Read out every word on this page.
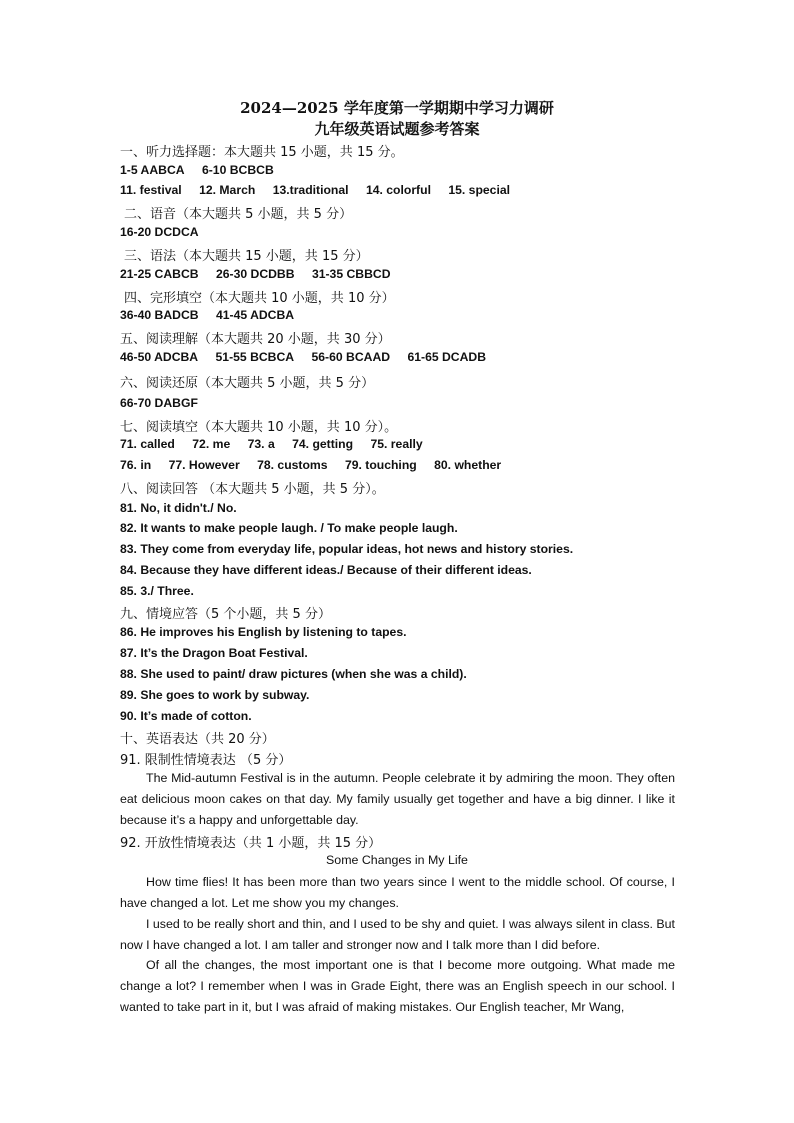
2024—2025 学年度第一学期期中学习力调研
九年级英语试题参考答案
一、听力选择题：本大题共 15 小题，共 15 分。
1-5 AABCA 6-10 BCBCB
11. festival 12. March 13.traditional 14. colorful 15. special
二、语音（本大题共 5 小题，共 5 分）
16-20 DCDCA
三、语法（本大题共 15 小题，共 15 分）
21-25 CABCB 26-30 DCDBB 31-35 CBBCD
四、完形填空（本大题共 10 小题，共 10 分）
36-40 BADCB 41-45 ADCBA
五、阅读理解（本大题共 20 小题，共 30 分）
46-50 ADCBA 51-55 BCBCA 56-60 BCAAD 61-65 DCADB
六、阅读还原（本大题共 5 小题，共 5 分）
66-70 DABGF
七、阅读填空（本大题共 10 小题，共 10 分）。
71. called 72. me 73. a 74. getting 75. really
76. in 77. However 78. customs 79. touching 80. whether
八、阅读回答 （本大题共 5 小题，共 5 分）。
81. No, it didn't./ No.
82. It wants to make people laugh. / To make people laugh.
83. They come from everyday life, popular ideas, hot news and history stories.
84. Because they have different ideas./ Because of their different ideas.
85. 3./ Three.
九、情境应答（5 个小题，共 5 分）
86. He improves his English by listening to tapes.
87. It’s the Dragon Boat Festival.
88. She used to paint/ draw pictures (when she was a child).
89. She goes to work by subway.
90. It’s made of cotton.
十、英语表达（共 20 分）
91. 限制性情境表达 （5 分）

The Mid-autumn Festival is in the autumn. People celebrate it by admiring the moon. They often eat delicious moon cakes on that day. My family usually get together and have a big dinner. I like it because it’s a happy and unforgettable day.

92. 开放性情境表达（共 1 小题，共 15 分）
Some Changes in My Life

How time flies! It has been more than two years since I went to the middle school. Of course, I have changed a lot. Let me show you my changes.

I used to be really short and thin, and I used to be shy and quiet. I was always silent in class. But now I have changed a lot. I am taller and stronger now and I talk more than I did before.

Of all the changes, the most important one is that I become more outgoing. What made me change a lot? I remember when I was in Grade Eight, there was an English speech in our school. I wanted to take part in it, but I was afraid of making mistakes. Our English teacher, Mr Wang,
